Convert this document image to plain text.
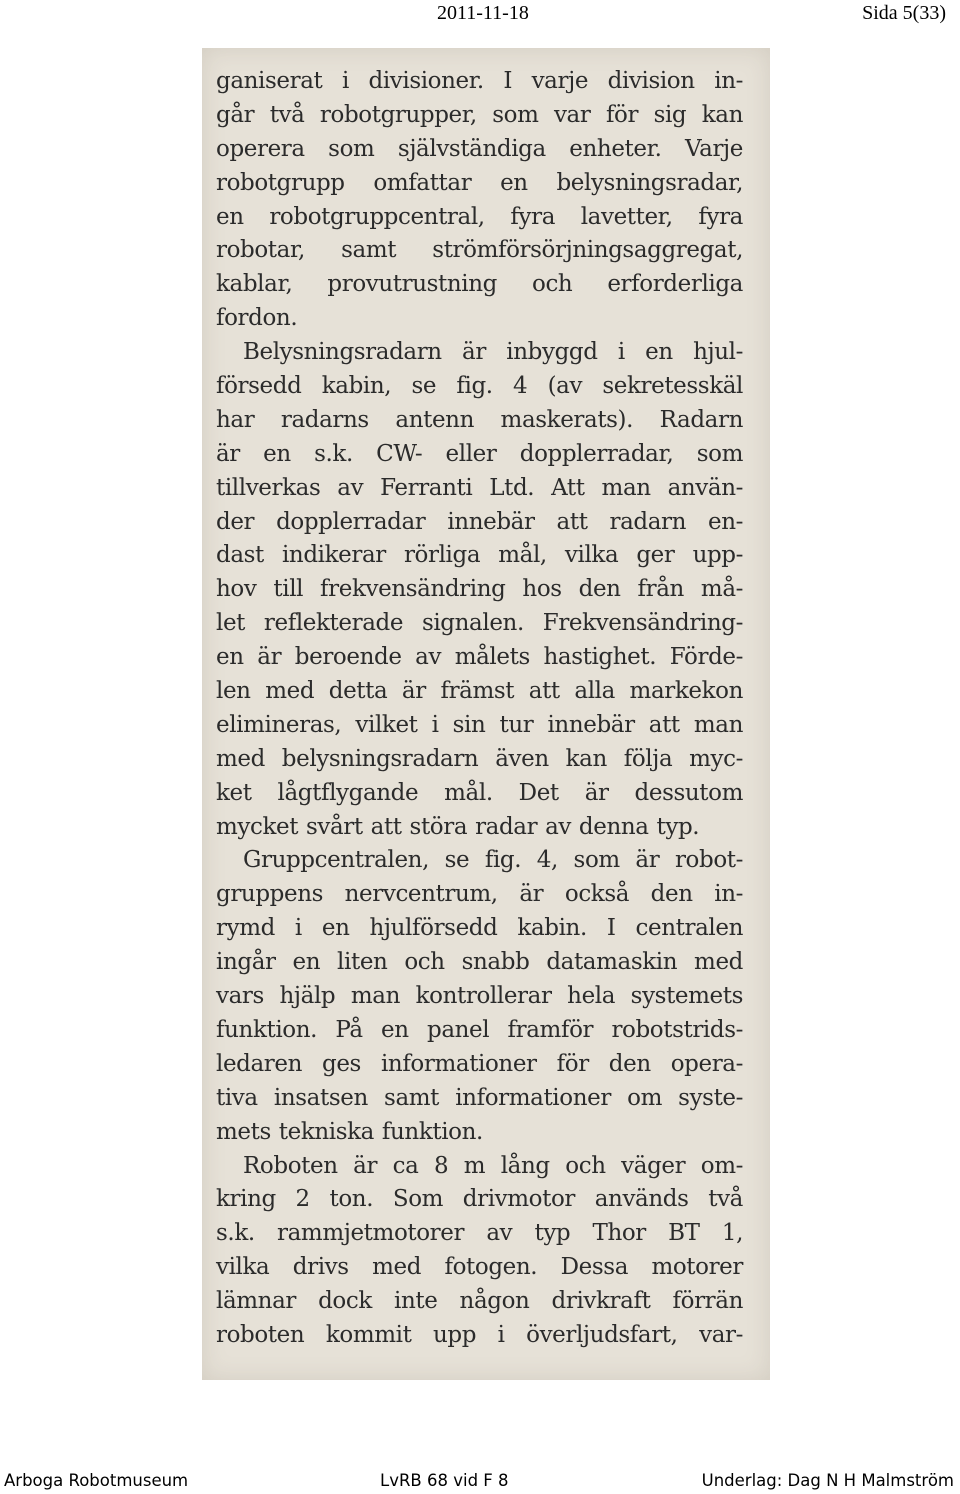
2011-11-18	Sida 5(33)
ganiserat i divisioner. I varje division in-
går två robotgrupper, som var för sig kan
operera som självständiga enheter. Varje
robotgrupp omfattar en belysningsradar,
en robotgruppcentral, fyra lavetter, fyra
robotar, samt strömförsörjningsaggregat,
kablar, provutrustning och erforderliga
fordon.
Belysningsradarn är inbyggd i en hjul-
försedd kabin, se fig. 4 (av sekretesskäl
har radarns antenn maskerats). Radarn
är en s.k. CW- eller dopplerradar, som
tillverkas av Ferranti Ltd. Att man använ-
der dopplerradar innebär att radarn en-
dast indikerar rörliga mål, vilka ger upp-
hov till frekvensändring hos den från må-
let reflekterade signalen. Frekvensändring-
en är beroende av målets hastighet. Förde-
len med detta är främst att alla markekon
elimineras, vilket i sin tur innebär att man
med belysningsradarn även kan följa myc-
ket lågtflygande mål. Det är dessutom
mycket svårt att störa radar av denna typ.
Gruppcentralen, se fig. 4, som är robot-
gruppens nervcentrum, är också den in-
rymd i en hjulförsedd kabin. I centralen
ingår en liten och snabb datamaskin med
vars hjälp man kontrollerar hela systemets
funktion. På en panel framför robotstrids-
ledaren ges informationer för den opera-
tiva insatsen samt informationer om syste-
mets tekniska funktion.
Roboten är ca 8 m lång och väger om-
kring 2 ton. Som drivmotor används två
s.k. rammjetmotorer av typ Thor BT 1,
vilka drivs med fotogen. Dessa motorer
lämnar dock inte någon drivkraft förrän
roboten kommit upp i överljudsfart, var-
Arboga Robotmuseum	LvRB 68 vid F 8	Underlag: Dag N H Malmström
